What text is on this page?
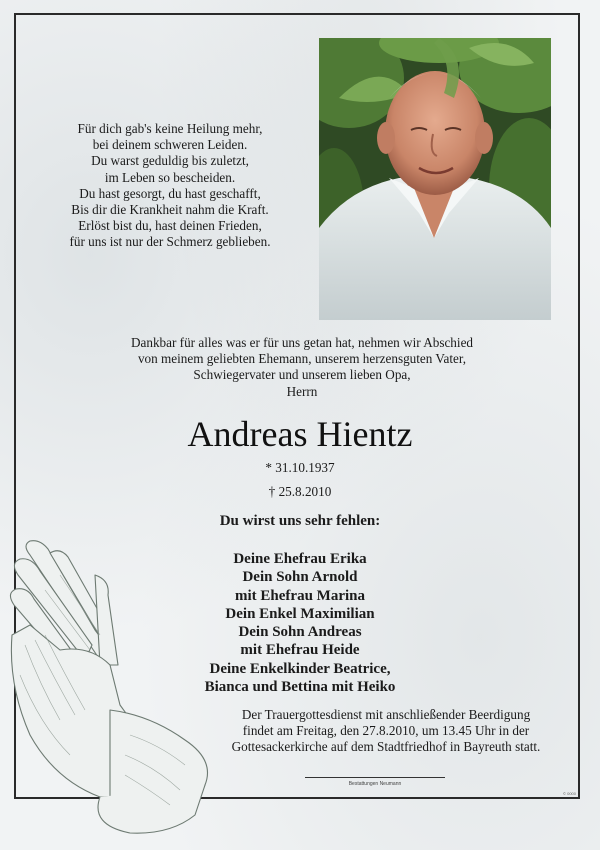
Für dich gab's keine Heilung mehr,
bei deinem schweren Leiden.
Du warst geduldig bis zuletzt,
im Leben so bescheiden.
Du hast gesorgt, du hast geschafft,
Bis dir die Krankheit nahm die Kraft.
Erlöst bist du, hast deinen Frieden,
für uns ist nur der Schmerz geblieben.
Dankbar für alles was er für uns getan hat, nehmen wir Abschied
von meinem geliebten Ehemann, unserem herzensguten Vater,
Schwiegervater und unserem lieben Opa,
Herrn
Andreas Hientz
* 31.10.1937
† 25.8.2010
Du wirst uns sehr fehlen:
Deine Ehefrau Erika
Dein Sohn Arnold
mit Ehefrau Marina
Dein Enkel Maximilian
Dein Sohn Andreas
mit Ehefrau Heide
Deine Enkelkinder Beatrice,
Bianca und Bettina mit Heiko
Der Trauergottesdienst mit anschließender Beerdigung
findet am Freitag, den 27.8.2010, um 13.45 Uhr in der
Gottesackerkirche auf dem Stadtfriedhof in Bayreuth statt.
Bestattungen Neumann
© 0000
